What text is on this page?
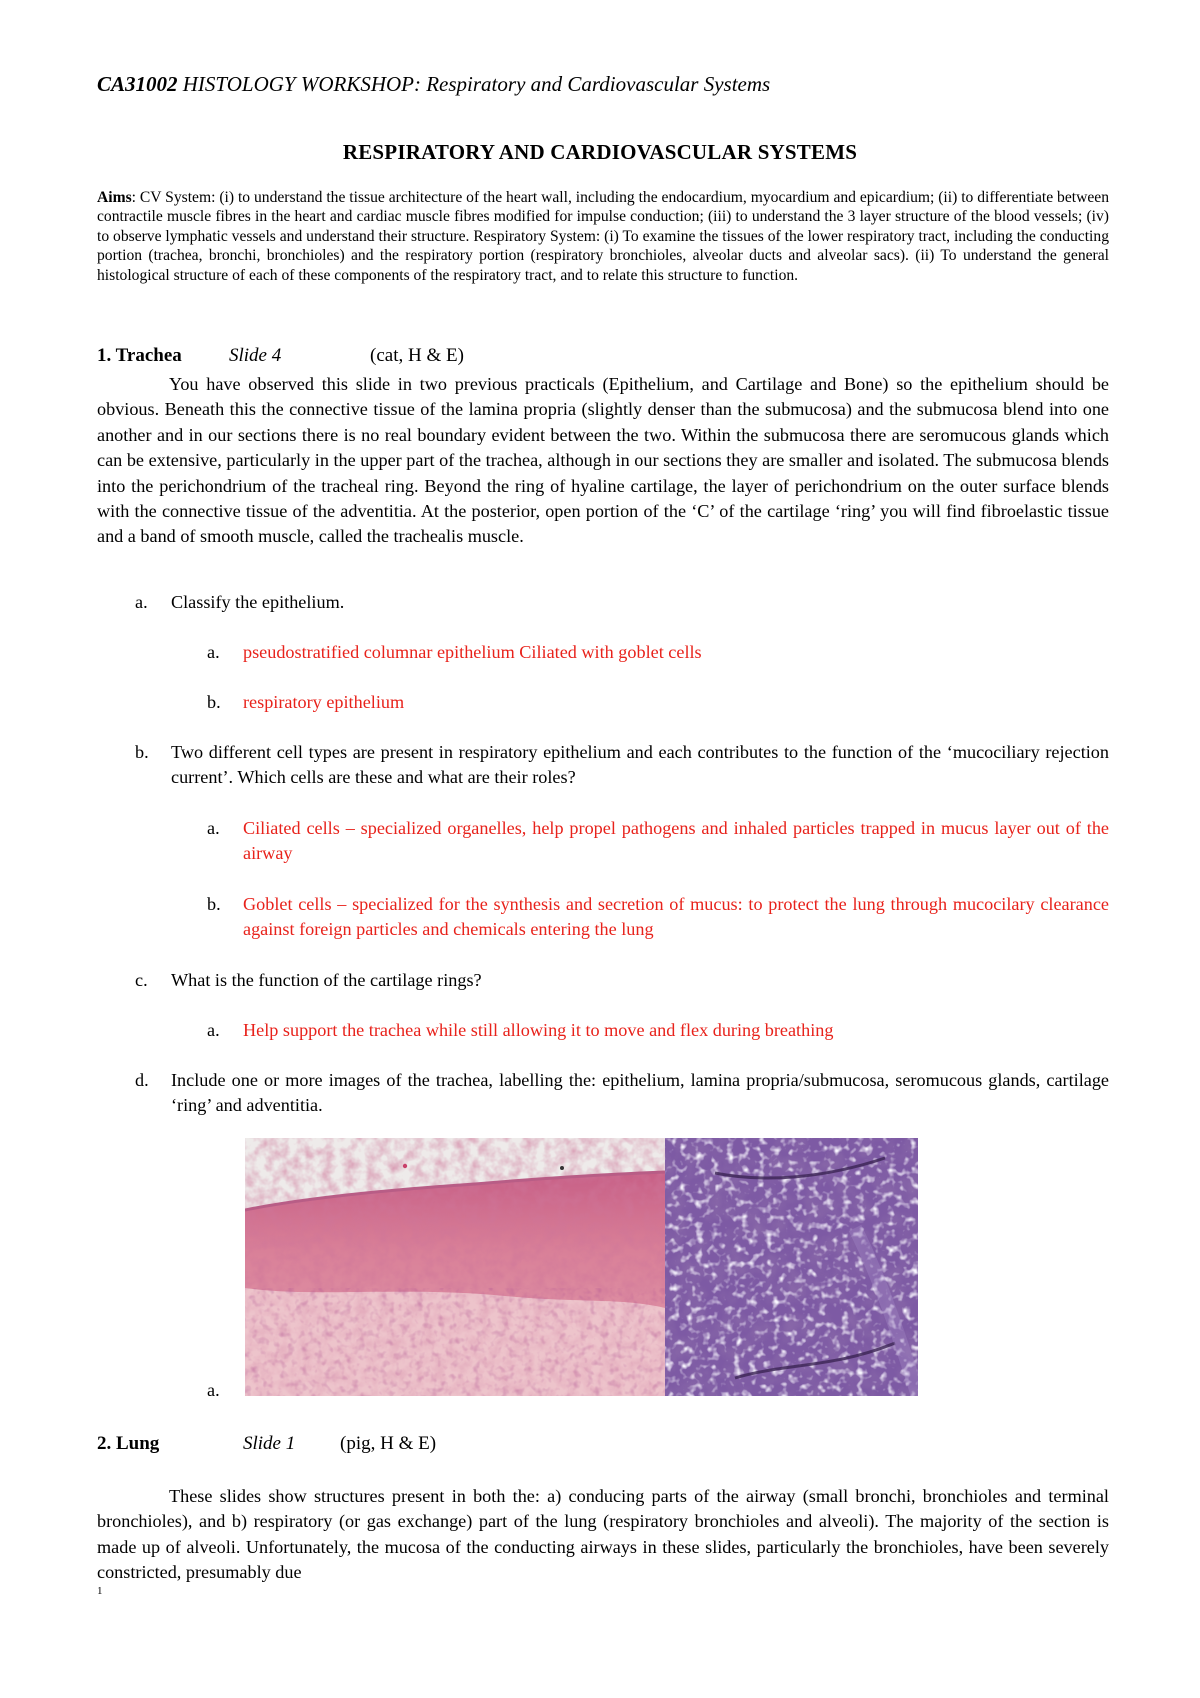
CA31002 HISTOLOGY WORKSHOP: Respiratory and Cardiovascular Systems
RESPIRATORY AND CARDIOVASCULAR SYSTEMS
Aims: CV System: (i) to understand the tissue architecture of the heart wall, including the endocardium, myocardium and epicardium; (ii) to differentiate between contractile muscle fibres in the heart and cardiac muscle fibres modified for impulse conduction; (iii) to understand the 3 layer structure of the blood vessels; (iv) to observe lymphatic vessels and understand their structure. Respiratory System: (i) To examine the tissues of the lower respiratory tract, including the conducting portion (trachea, bronchi, bronchioles) and the respiratory portion (respiratory bronchioles, alveolar ducts and alveolar sacs). (ii) To understand the general histological structure of each of these components of the respiratory tract, and to relate this structure to function.
1. Trachea Slide 4	(cat, H & E)
You have observed this slide in two previous practicals (Epithelium, and Cartilage and Bone) so the epithelium should be obvious. Beneath this the connective tissue of the lamina propria (slightly denser than the submucosa) and the submucosa blend into one another and in our sections there is no real boundary evident between the two. Within the submucosa there are seromucous glands which can be extensive, particularly in the upper part of the trachea, although in our sections they are smaller and isolated. The submucosa blends into the perichondrium of the tracheal ring. Beyond the ring of hyaline cartilage, the layer of perichondrium on the outer surface blends with the connective tissue of the adventitia. At the posterior, open portion of the ‘C’ of the cartilage ‘ring’ you will find fibroelastic tissue and a band of smooth muscle, called the trachealis muscle.
a. Classify the epithelium.
a. pseudostratified columnar epithelium Ciliated with goblet cells
b. respiratory epithelium
b. Two different cell types are present in respiratory epithelium and each contributes to the function of the ‘mucociliary rejection current’. Which cells are these and what are their roles?
a. Ciliated cells – specialized organelles, help propel pathogens and inhaled particles trapped in mucus layer out of the airway
b. Goblet cells – specialized for the synthesis and secretion of mucus: to protect the lung through mucocilary clearance against foreign particles and chemicals entering the lung
c. What is the function of the cartilage rings?
a. Help support the trachea while still allowing it to move and flex during breathing
d. Include one or more images of the trachea, labelling the: epithelium, lamina propria/submucosa, seromucous glands, cartilage ‘ring’ and adventitia.
a.
2. Lung	Slide 1 (pig, H & E)
These slides show structures present in both the: a) conducing parts of the airway (small bronchi, bronchioles and terminal bronchioles), and b) respiratory (or gas exchange) part of the lung (respiratory bronchioles and alveoli). The majority of the section is made up of alveoli. Unfortunately, the mucosa of the conducting airways in these slides, particularly the bronchioles, have been severely constricted, presumably due
1
